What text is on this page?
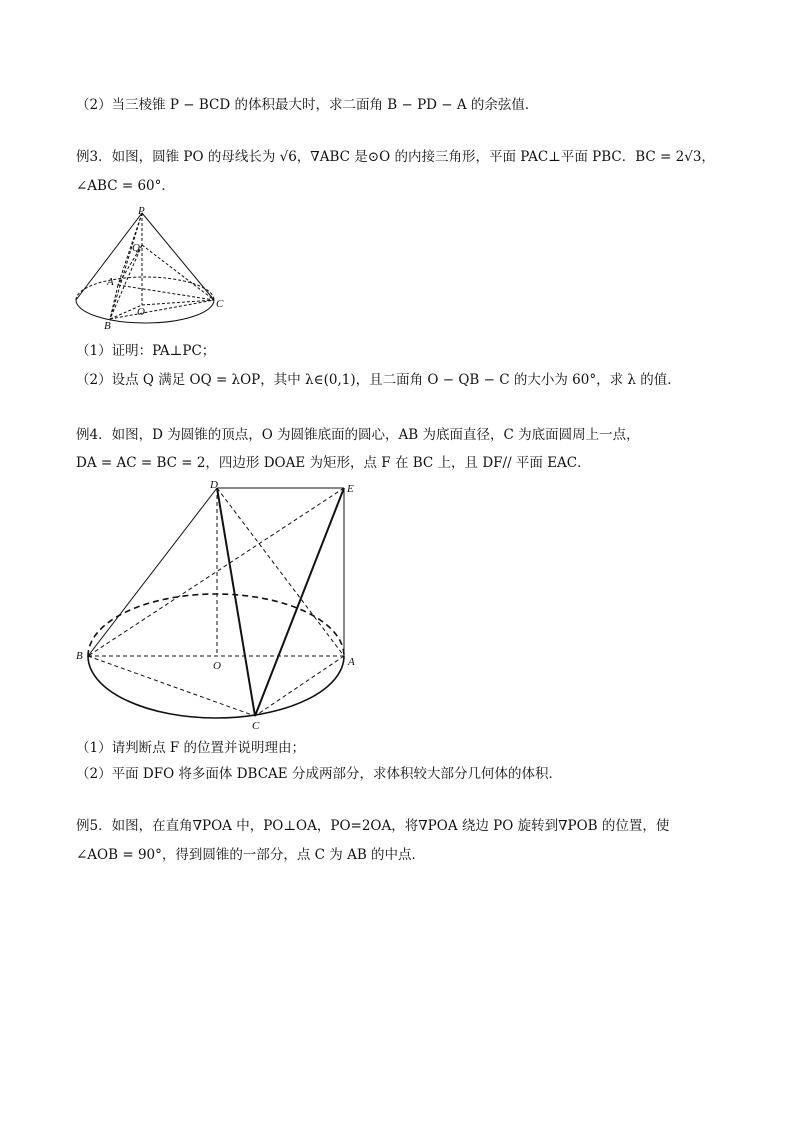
（2）当三棱锥 P − BCD 的体积最大时，求二面角 B − PD − A 的余弦值．
例3．如图，圆锥 PO 的母线长为 √6，∇ABC 是⊙O 的内接三角形，平面 PAC⊥平面 PBC．BC = 2√3，
∠ABC = 60°．
P
Q
A
O
C
B
（1）证明：PA⊥PC；
（2）设点 Q 满足 OQ = λOP，其中 λ∈(0,1)，且二面角 O − QB − C 的大小为 60°，求 λ 的值．
例4．如图，D 为圆锥的顶点，O 为圆锥底面的圆心，AB 为底面直径，C 为底面圆周上一点，
DA = AC = BC = 2，四边形 DOAE 为矩形，点 F 在 BC 上，且 DF// 平面 EAC．
D	E
B
O	A
C
（1）请判断点 F 的位置并说明理由；
（2）平面 DFO 将多面体 DBCAE 分成两部分，求体积较大部分几何体的体积．
例5．如图，在直角∇POA 中，PO⊥OA，PO=2OA，将∇POA 绕边 PO 旋转到∇POB 的位置，使
∠AOB = 90°，得到圆锥的一部分，点 C 为 AB 的中点．
